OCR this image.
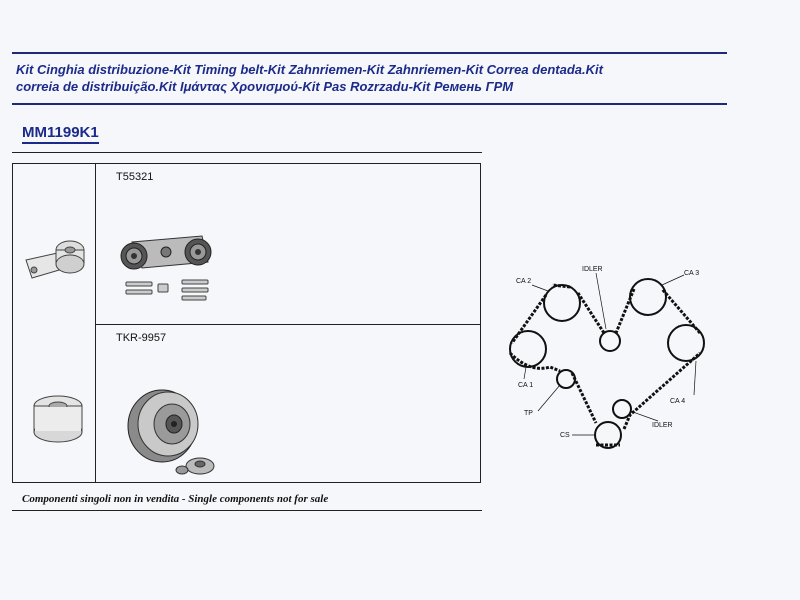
Kit Cinghia distribuzione-Kit Timing belt-Kit Zahnriemen-Kit Zahnriemen-Kit Correa dentada.Kit
correia de distribuição.Kit Ιμάντας Χρονισμού-Kit Pas Rozrzadu-Kit Ремень ГРМ
MM1199K1
T55321
TKR-9957
CA 2
IDLER
CA 3
CA 1
CA 4
TP
IDLER
CS
Componenti singoli non in vendita - Single components not for sale
